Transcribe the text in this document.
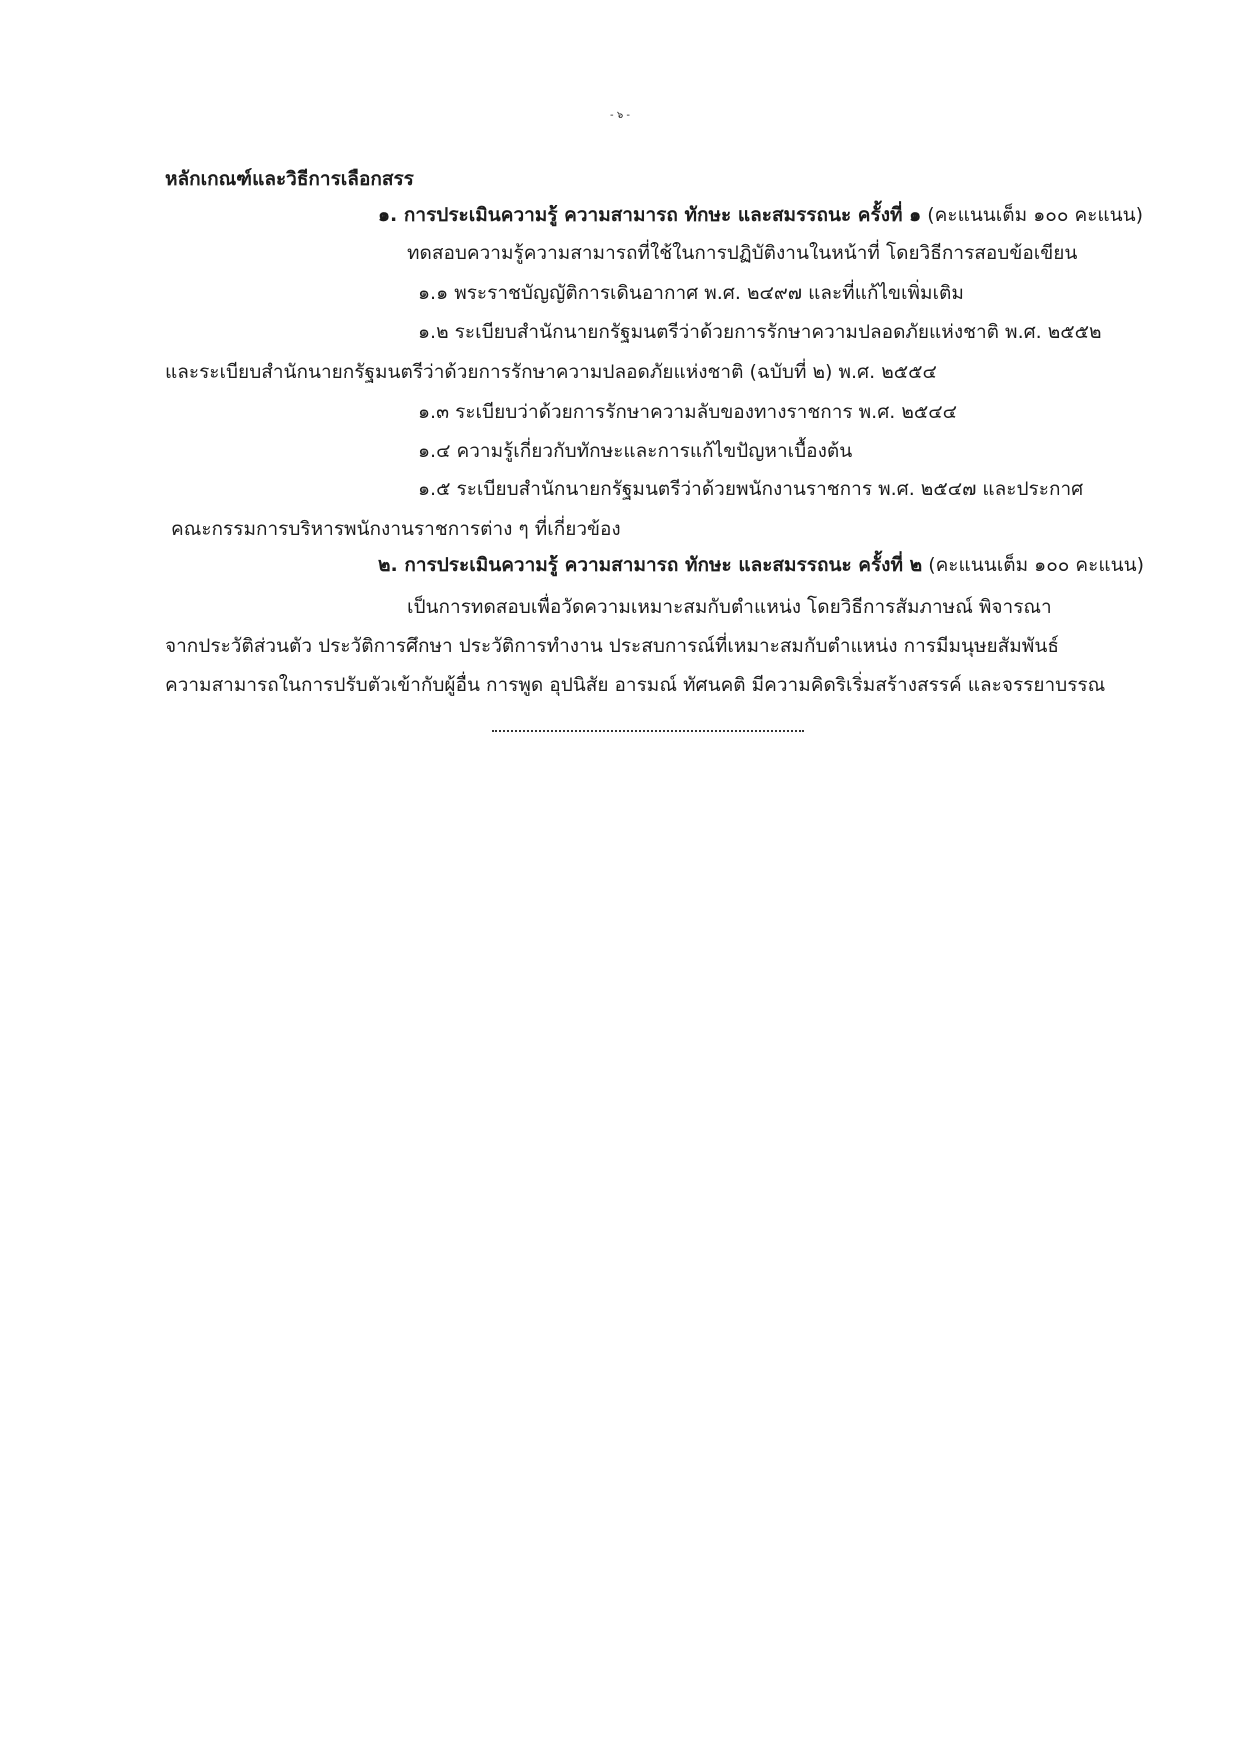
- ๖ -
หลักเกณฑ์และวิธีการเลือกสรร
๑. การประเมินความรู้ ความสามารถ ทักษะ และสมรรถนะ ครั้งที่ ๑ (คะแนนเต็ม ๑๐๐ คะแนน)
ทดสอบความรู้ความสามารถที่ใช้ในการปฏิบัติงานในหน้าที่ โดยวิธีการสอบข้อเขียน
๑.๑ พระราชบัญญัติการเดินอากาศ พ.ศ. ๒๔๙๗ และที่แก้ไขเพิ่มเติม
๑.๒ ระเบียบสำนักนายกรัฐมนตรีว่าด้วยการรักษาความปลอดภัยแห่งชาติ พ.ศ. ๒๕๕๒
และระเบียบสำนักนายกรัฐมนตรีว่าด้วยการรักษาความปลอดภัยแห่งชาติ (ฉบับที่ ๒) พ.ศ. ๒๕๕๔
๑.๓ ระเบียบว่าด้วยการรักษาความลับของทางราชการ พ.ศ. ๒๕๔๔
๑.๔ ความรู้เกี่ยวกับทักษะและการแก้ไขปัญหาเบื้องต้น
๑.๕ ระเบียบสำนักนายกรัฐมนตรีว่าด้วยพนักงานราชการ พ.ศ. ๒๕๔๗ และประกาศ
คณะกรรมการบริหารพนักงานราชการต่าง ๆ ที่เกี่ยวข้อง
๒. การประเมินความรู้ ความสามารถ ทักษะ และสมรรถนะ ครั้งที่ ๒ (คะแนนเต็ม ๑๐๐ คะแนน)
เป็นการทดสอบเพื่อวัดความเหมาะสมกับตำแหน่ง โดยวิธีการสัมภาษณ์ พิจารณา
จากประวัติส่วนตัว ประวัติการศึกษา ประวัติการทำงาน ประสบการณ์ที่เหมาะสมกับตำแหน่ง การมีมนุษยสัมพันธ์
ความสามารถในการปรับตัวเข้ากับผู้อื่น การพูด อุปนิสัย อารมณ์ ทัศนคติ มีความคิดริเริ่มสร้างสรรค์ และจรรยาบรรณ
